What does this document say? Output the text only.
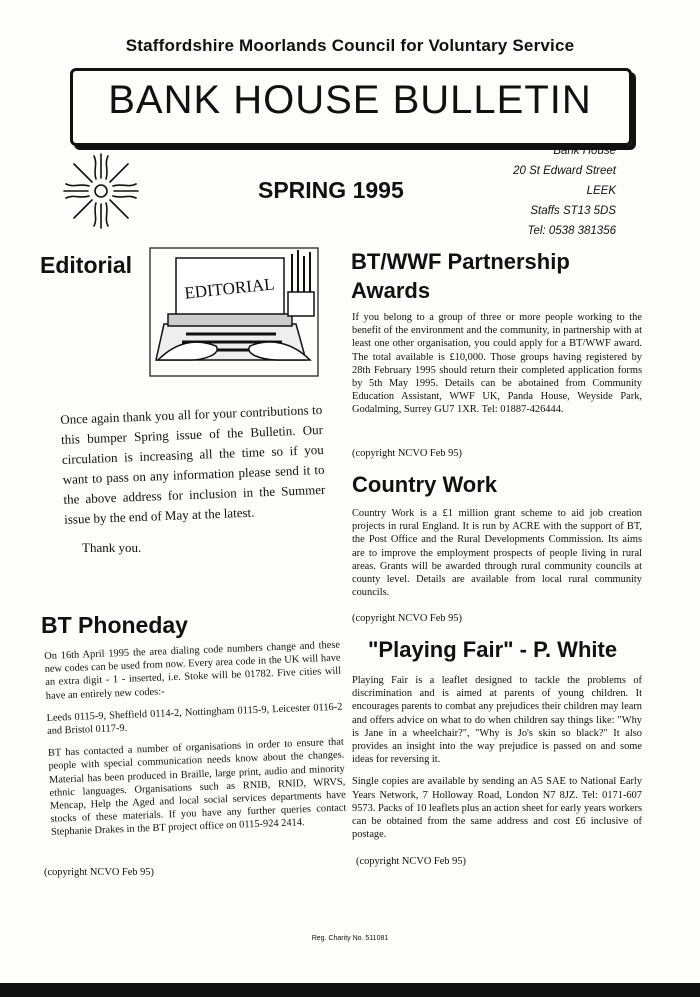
Staffordshire Moorlands Council for Voluntary Service
BANK HOUSE BULLETIN
SPRING 1995
Bank House
20 St Edward Street
LEEK
Staffs ST13 5DS
Tel: 0538 381356
Editorial
EDITORIAL

Once again thank you all for your contributions to this bumper Spring issue of the Bulletin. Our circulation is increasing all the time so if you want to pass on any information please send it to the above address for inclusion in the Summer issue by the end of May at the latest.

Thank you.
BT Phoneday

On 16th April 1995 the area dialing code numbers change and these new codes can be used from now. Every area code in the UK will have an extra digit - 1 - inserted, i.e. Stoke will be 01782. Five cities will have an entirely new codes:-

Leeds 0115-9, Sheffield 0114-2, Nottingham 0115-9, Leicester 0116-2 and Bristol 0117-9.

BT has contacted a number of organisations in order to ensure that people with special communication needs know about the changes. Material has been produced in Braille, large print, audio and minority ethnic languages. Organisations such as RNIB, RNID, WRVS, Mencap, Help the Aged and local social services departments have stocks of these materials. If you have any further queries contact Stephanie Drakes in the BT project office on 0115-924 2414.

(copyright NCVO Feb 95)
BT/WWF Partnership
Awards

If you belong to a group of three or more people working to the benefit of the environment and the community, in partnership with at least one other organisation, you could apply for a BT/WWF award. The total available is £10,000. Those groups having registered by 28th February 1995 should return their completed application forms by 5th May 1995. Details can be abotained from Community Education Assistant, WWF UK, Panda House, Weyside Park, Godalming, Surrey GU7 1XR. Tel: 01887-426444.

(copyright NCVO Feb 95)
Country Work

Country Work is a £1 million grant scheme to aid job creation projects in rural England. It is run by ACRE with the support of BT, the Post Office and the Rural Developments Commission. Its aims are to improve the employment prospects of people living in rural areas. Grants will be awarded through rural community councils at county level. Details are available from local rural community councils.

(copyright NCVO Feb 95)
"Playing Fair" - P. White

Playing Fair is a leaflet designed to tackle the problems of discrimination and is aimed at parents of young children. It encourages parents to combat any prejudices their children may learn and offers advice on what to do when children say things like: "Why is Jane in a wheelchair?", "Why is Jo's skin so black?" It also provides an insight into the way prejudice is passed on and some ideas for reversing it.

Single copies are available by sending an A5 SAE to National Early Years Network, 7 Holloway Road, London N7 8JZ. Tel: 0171-607 9573. Packs of 10 leaflets plus an action sheet for early years workers can be obtained from the same address and cost £6 inclusive of postage.

(copyright NCVO Feb 95)
Reg. Charity No. 511081
